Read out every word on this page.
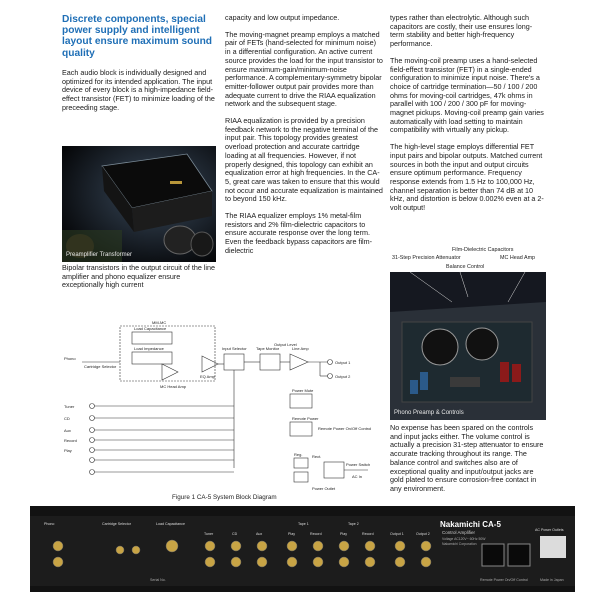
Discrete components, special power supply and intelligent layout ensure maximum sound quality

Each audio block is individually designed and optimized for its intended application. The input device of every block is a high-impedance field-effect transistor (FET) to minimize loading of the preceeding stage.

Preamplifier Transformer

Bipolar transistors in the output circuit of the line amplifier and phono equalizer ensure exceptionally high current

capacity and low output impedance.

The moving-magnet preamp employs a matched pair of FETs (hand-selected for minimum noise) in a differential configuration. An active current source provides the load for the input transistor to ensure maximum-gain/minimum-noise performance. A complementary-symmetry bipolar emitter-follower output pair provides more than adequate current to drive the RIAA equalization network and the subsequent stage.

RIAA equalization is provided by a precision feedback network to the negative terminal of the input pair. This topology provides greatest overload protection and accurate cartridge loading at all frequencies. However, if not properly designed, this topology can exhibit an equalization error at high frequencies. In the CA-5, great care was taken to ensure that this would not occur and accurate equalization is maintained to beyond 150 kHz.

The RIAA equalizer employs 1% metal-film resistors and 2% film-dielectric capacitors to ensure accurate response over the long term. Even the feedback bypass capacitors are film-dielectric

types rather than electrolytic. Although such capacitors are costly, their use ensures long-term stability and better high-frequency performance.

The moving-coil preamp uses a hand-selected field-effect transistor (FET) in a single-ended configuration to minimize input noise. There's a choice of cartridge termination—50 / 100 / 200 ohms for moving-coil cartridges, 47k ohms in parallel with 100 / 200 / 300 pF for moving-magnet pickups. Moving-coil preamp gain varies automatically with load setting to maintain compatibility with virtually any pickup.

The high-level stage employs differential FET input pairs and bipolar outputs. Matched current sources in both the input and output circuits ensure optimum performance. Frequency response extends from 1.5 Hz to 100,000 Hz, channel separation is better than 74 dB at 10 kHz, and distortion is below 0.002% even at a 2-volt output!

Film-Dielectric Capacitors
31-Step Precision Attenuator	MC Head Amp
Balance Control
Phono Preamp & Controls

No expense has been spared on the controls and input jacks either. The volume control is actually a precision 31-step attenuator to ensure accurate tracking throughout its range. The balance control and switches also are of exceptional quality and input/output jacks are gold plated to ensure corrosion-free contact in any environment.

MM-MC
Load Capacitance
Load Impedance
Phono
Cartridge Selector
MC Head Amp
EQ Amp
Input Selector Tape Monitor
Output Level
Line Amp
Output 1
Output 2
Tuner
CD
Aux
Record
Play
Power Mute
Remote Power
Remote Power On/Off Control
Reg. Rect.
Power Switch
AC In
Power Outlet
Figure 1 CA-5 System Block Diagram
Nakamichi CA-5
Control Amplifier
Voltage AC120V~ 60Hz 50W
Nakamichi Corporation
Phono	Cartridge Selector	Load Capacitance
Tuner	CD	Aux	Play	Record	Play	Record	Output 1	Output 2
AC Power Outlets
Tape 1	Tape 2
Serial No.	Remote Power On/Off Control	Made in Japan
